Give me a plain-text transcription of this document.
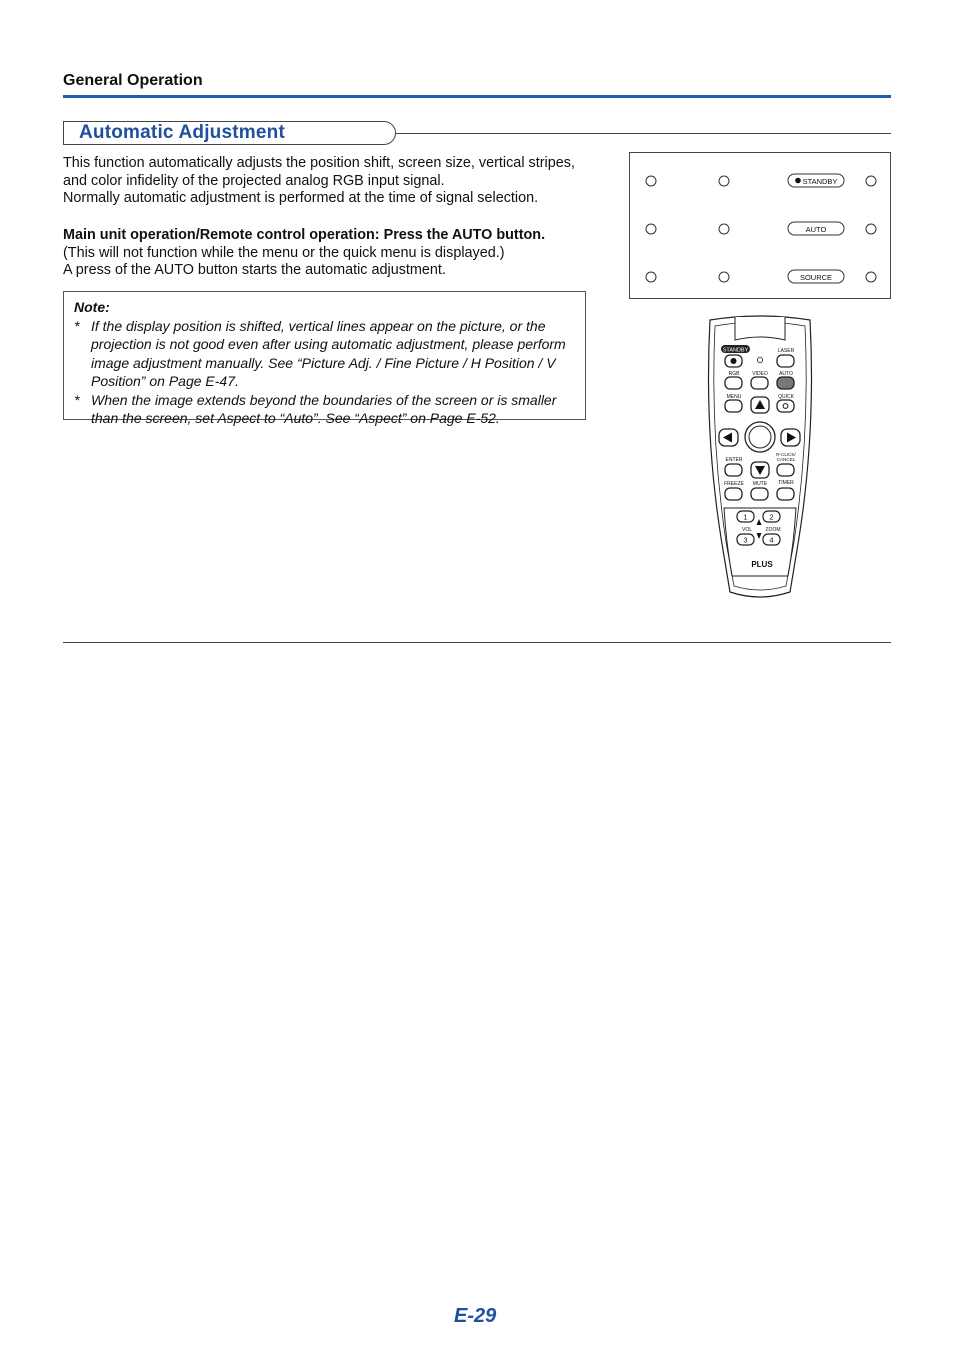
General Operation
Automatic Adjustment

This function automatically adjusts the position shift, screen size, vertical stripes, and color infidelity of the projected analog RGB input signal.

Normally automatic adjustment is performed at the time of signal selection.

Main unit operation/Remote control operation: Press the AUTO button.

(This will not function while the menu or the quick menu is displayed.)

A press of the AUTO button starts the automatic adjustment.

Note:
* If the display position is shifted, vertical lines appear on the picture, or the projection is not good even after using automatic adjustment, please perform image adjustment manually. See “Picture Adj. / Fine Picture / H Position / V Position” on Page E-47.
* When the image extends beyond the boundaries of the screen or is smaller than the screen, set Aspect to “Auto”. See “Aspect” on Page E-52.
STANDBY
AUTO
SOURCE
STANDBY	LASER
RGB	VIDEO AUTO
MENU	QUICK
ENTER
R-CLICK/
CANCEL
FREEZE MUTE TIMER
1	2
VOL	ZOOM
3	4
PLUS
E-29
